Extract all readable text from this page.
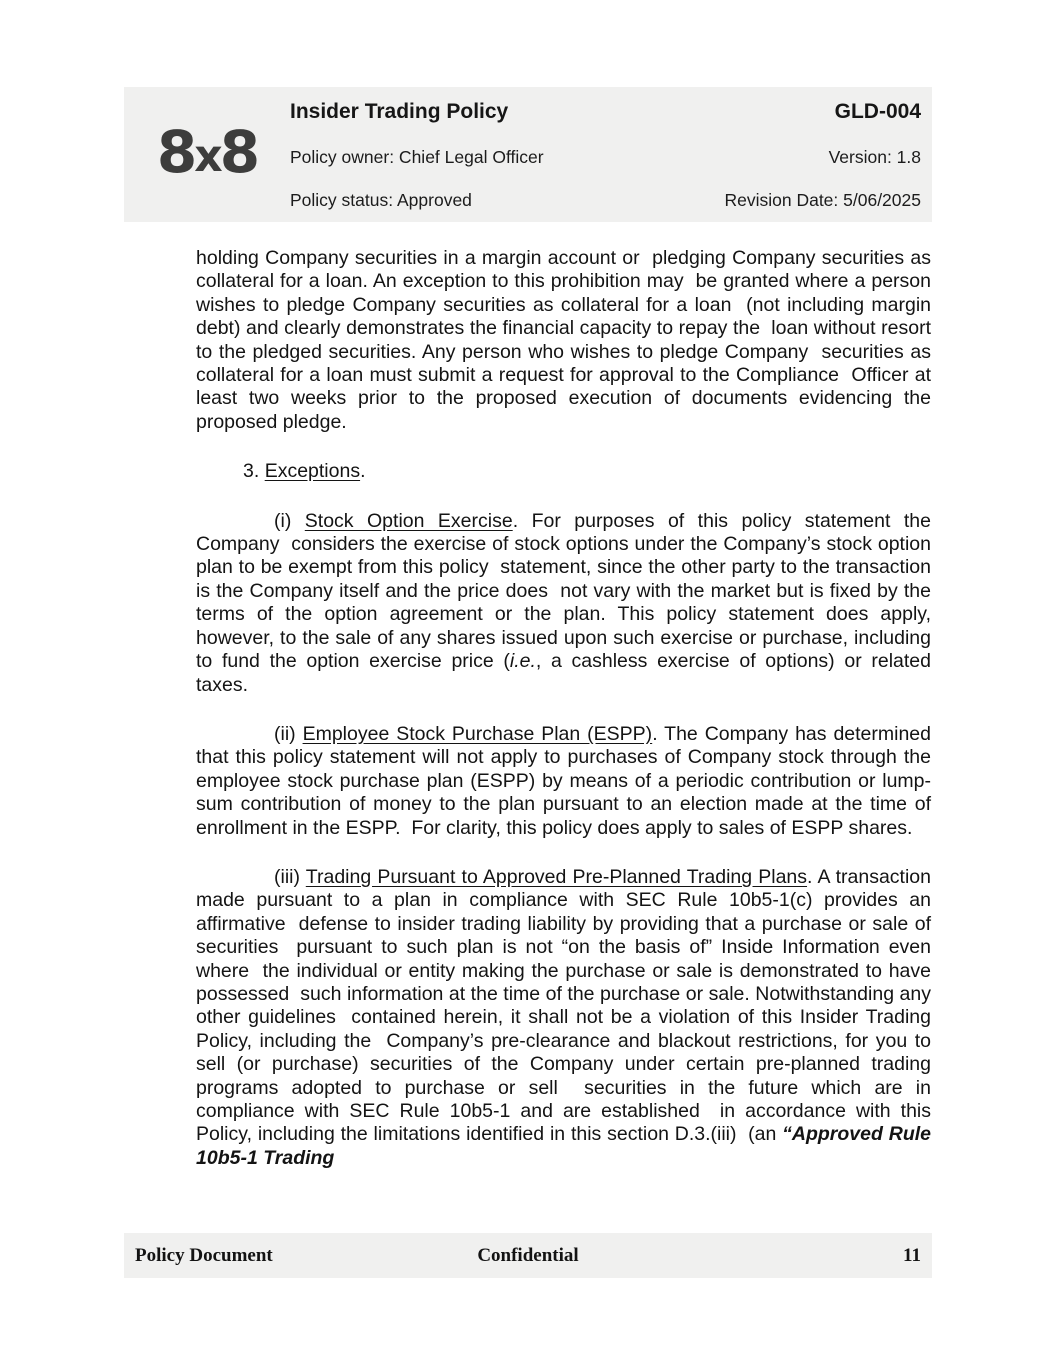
8x8
Insider Trading Policy	GLD-004
Policy owner: Chief Legal Officer	Version: 1.8
Policy status: Approved	Revision Date: 5/06/2025

holding Company securities in a margin account or  pledging Company securities as collateral for a loan. An exception to this prohibition may  be granted where a person wishes to pledge Company securities as collateral for a loan  (not including margin debt) and clearly demonstrates the financial capacity to repay the  loan without resort to the pledged securities. Any person who wishes to pledge Company  securities as collateral for a loan must submit a request for approval to the Compliance  Officer at least two weeks prior to the proposed execution of documents evidencing the  proposed pledge.

3. Exceptions.

(i) Stock Option Exercise. For purposes of this policy statement the Company  considers the exercise of stock options under the Company’s stock option plan to be exempt from this policy  statement, since the other party to the transaction is the Company itself and the price does  not vary with the market but is fixed by the terms of the option agreement or the plan. This policy statement does apply, however, to the sale of any shares issued upon such exercise or purchase, including to fund the option exercise price (i.e., a cashless exercise of options) or related taxes.

(ii) Employee Stock Purchase Plan (ESPP). The Company has determined that this policy statement will not apply to purchases of Company stock through the employee stock purchase plan (ESPP) by means of a periodic contribution or lump-sum contribution of money to the plan pursuant to an election made at the time of enrollment in the ESPP.  For clarity, this policy does apply to sales of ESPP shares.

(iii) Trading Pursuant to Approved Pre-Planned Trading Plans. A transaction made pursuant to a plan in compliance with SEC Rule 10b5-1(c) provides an affirmative  defense to insider trading liability by providing that a purchase or sale of securities  pursuant to such plan is not “on the basis of” Inside Information even where  the individual or entity making the purchase or sale is demonstrated to have possessed  such information at the time of the purchase or sale. Notwithstanding any other guidelines  contained herein, it shall not be a violation of this Insider Trading Policy, including the  Company’s pre-clearance and blackout restrictions, for you to sell (or purchase) securities of the Company under certain pre-planned trading programs adopted to purchase or sell  securities in the future which are in compliance with SEC Rule 10b5-1 and are established  in accordance with this Policy, including the limitations identified in this section D.3.(iii)  (an “Approved Rule 10b5-1 Trading

Policy Document	Confidential	11
